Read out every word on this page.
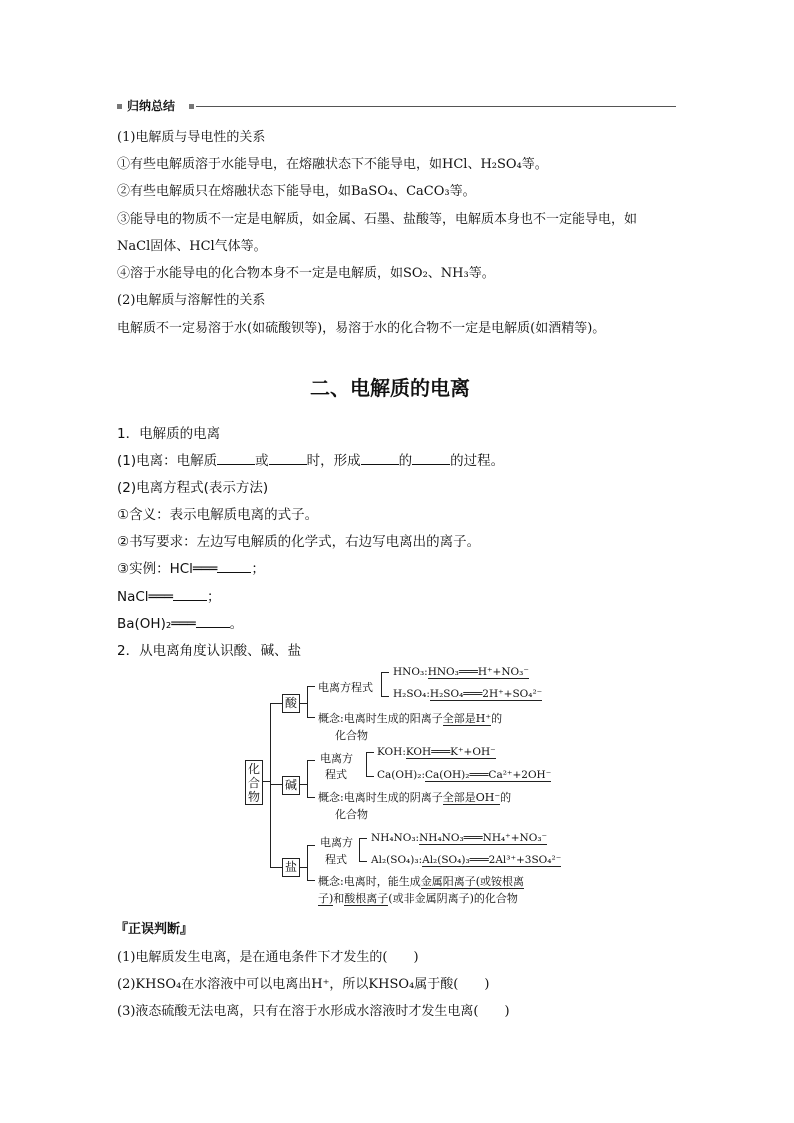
归纳总结
(1)电解质与导电性的关系
①有些电解质溶于水能导电，在熔融状态下不能导电，如HCl、H₂SO₄等。
②有些电解质只在熔融状态下能导电，如BaSO₄、CaCO₃等。
③能导电的物质不一定是电解质，如金属、石墨、盐酸等，电解质本身也不一定能导电，如
NaCl固体、HCl气体等。
④溶于水能导电的化合物本身不一定是电解质，如SO₂、NH₃等。
(2)电解质与溶解性的关系
电解质不一定易溶于水(如硫酸钡等)，易溶于水的化合物不一定是电解质(如酒精等)。
二、电解质的电离
1．电解质的电离
(1)电离：电解质	或	时，形成	的	的过程。
(2)电离方程式(表示方法)
①含义：表示电解质电离的式子。
②书写要求：左边写电解质的化学式，右边写电离出的离子。
③实例：HCl═══	；
NaCl═══	；
Ba(OH)₂═══	。
2．从电离角度认识酸、碱、盐
化合物
酸
电离方程式
HNO₃:HNO₃═══H⁺+NO₃⁻
H₂SO₄:H₂SO₄═══2H⁺+SO₄²⁻
概念:电离时生成的阳离子全部是H⁺的
化合物
碱
电离方
程式
KOH:KOH═══K⁺+OH⁻
Ca(OH)₂:Ca(OH)₂═══Ca²⁺+2OH⁻
概念:电离时生成的阴离子全部是OH⁻的
化合物
盐
电离方
程式
NH₄NO₃:NH₄NO₃═══NH₄⁺+NO₃⁻
Al₂(SO₄)₃:Al₂(SO₄)₃═══2Al³⁺+3SO₄²⁻
概念:电离时，能生成金属阳离子(或铵根离
子)和酸根离子(或非金属阴离子)的化合物
『正误判断』
(1)电解质发生电离，是在通电条件下才发生的( )
(2)KHSO₄在水溶液中可以电离出H⁺，所以KHSO₄属于酸( )
(3)液态硫酸无法电离，只有在溶于水形成水溶液时才发生电离( )
